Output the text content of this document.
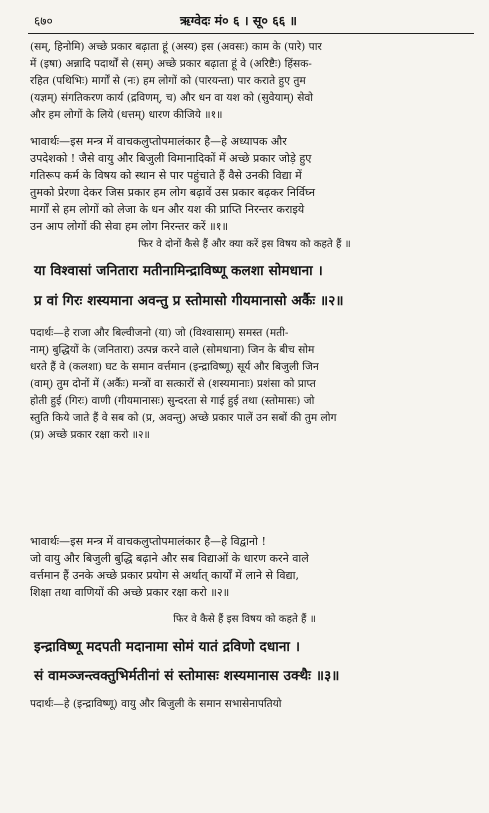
६७०	ऋग्वेदः मं० ६ । सू० ६६ ॥

(सम्, हिनोमि) अच्छे प्रकार बढ़ाता हूं (अस्य) इस (अवसः) काम के (पारे) पार
में (इषा) अन्नादि पदार्थों से (सम्) अच्छे प्रकार बढ़ाता हूं वे (अरिष्टैः) हिंसक-
रहित (पथिभिः) मार्गों से (नः) हम लोगों को (पारयन्ता) पार कराते हुए तुम
(यज्ञम्) संगतिकरण कार्य (द्रविणम्, च) और धन वा यश को (सुवेयाम्) सेवो
और हम लोगों के लिये (धत्तम्) धारण कीजिये ॥१॥

भावार्थः—इस मन्त्र में वाचकलुप्तोपमालंकार है—हे अध्यापक और
उपदेशको ! जैसे वायु और बिजुली विमानादिकों में अच्छे प्रकार जोड़े हुए
गतिरूप कर्म के विषय को स्थान से पार पहुंचाते हैं वैसे उनकी विद्या में
तुमको प्रेरणा देकर जिस प्रकार हम लोग बढ़ावें उस प्रकार बढ़कर निर्विघ्न
मार्गों से हम लोगों को लेजा के धन और यश की प्राप्ति निरन्तर कराइये
उन आप लोगों की सेवा हम लोग निरन्तर करें ॥१॥

फिर वे दोनों कैसे हैं और क्या करें इस विषय को कहते हैं ॥

या विश्वासां जनितारा मतीनामिन्द्राविष्णू कलशा सोमधाना ।

प्र वां गिरः शस्यमाना अवन्तु प्र स्तोमासो गीयमानासो अर्कैः ॥२॥

पदार्थः—हे राजा और बिल्वीजनो (या) जो (विश्वासाम्) समस्त (मती-
नाम्) बुद्धियों के (जनितारा) उत्पन्न करने वाले (सोमधाना) जिन के बीच सोम
धरते हैं वे (कलशा) घट के समान वर्त्तमान (इन्द्राविष्णू) सूर्य और बिजुली जिन
(वाम्) तुम दोनों में (अर्कैः) मन्त्रों वा सत्कारों से (शस्यमानाः) प्रशंसा को प्राप्त
होती हुई (गिरः) वाणी (गीयमानासः) सुन्दरता से गाई हुई तथा (स्तोमासः) जो
स्तुति किये जाते हैं वे सब को (प्र, अवन्तु) अच्छे प्रकार पालें उन सबों की तुम लोग
(प्र) अच्छे प्रकार रक्षा करो ॥२॥

भावार्थः—इस मन्त्र में वाचकलुप्तोपमालंकार है—हे विद्वानो !
जो वायु और बिजुली बुद्धि बढ़ाने और सब विद्याओं के धारण करने वाले
वर्त्तमान हैं उनके अच्छे प्रकार प्रयोग से अर्थात् कार्यों में लाने से विद्या,
शिक्षा तथा वाणियों की अच्छे प्रकार रक्षा करो ॥२॥

फिर वे कैसे हैं इस विषय को कहते हैं ॥

इन्द्राविष्णू मदपती मदानामा सोमं यातं द्रविणो दधाना ।

सं वामञ्जन्त्वक्तुभिर्मतीनां सं स्तोमासः शस्यमानास उक्थैः ॥३॥

पदार्थः—हे (इन्द्राविष्णू) वायु और बिजुली के समान सभासेनापतियो
